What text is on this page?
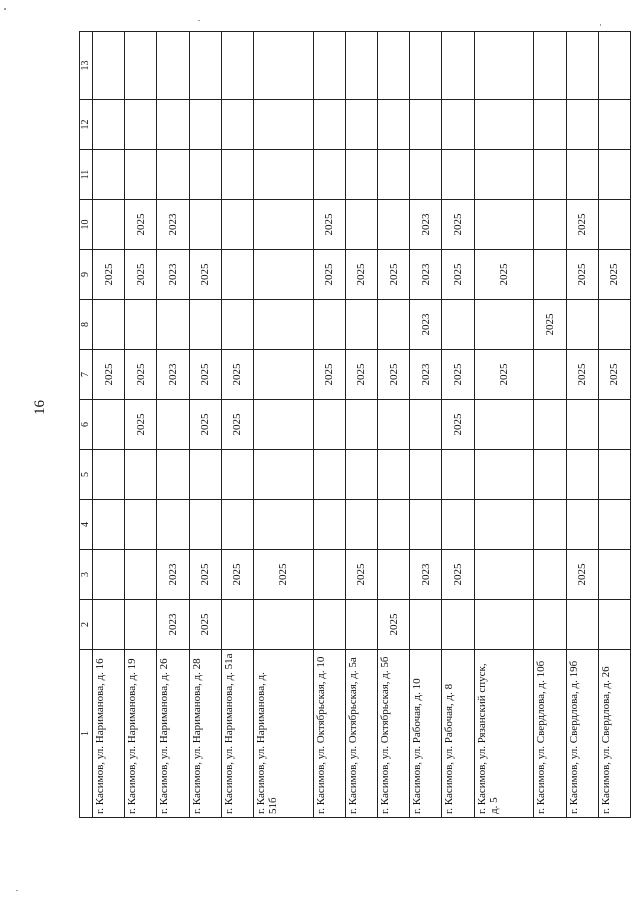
16
1	2	3	4	5	6	7	8	9	10	11	12	13
г. Касимов, ул. Нариманова, д. 16						2025		2025				
г. Касимов, ул. Нариманова, д. 19					2025	2025		2025	2025			
г. Касимов, ул. Нариманова, д. 26	2023	2023				2023		2023	2023			
г. Касимов, ул. Нариманова, д. 28	2025	2025			2025	2025		2025				
г. Касимов, ул. Нариманова, д. 51а		2025			2025	2025						
г. Касимов, ул. Нариманова, д. 51б		2025										
г. Касимов, ул. Октябрьская, д. 10						2025		2025	2025			
г. Касимов, ул. Октябрьская, д. 5а		2025				2025		2025				
г. Касимов, ул. Октябрьская, д. 5б	2025					2025		2025				
г. Касимов, ул. Рабочая, д. 10		2023				2023	2023	2023	2023			
г. Касимов, ул. Рабочая, д. 8		2025			2025	2025		2025	2025			
г. Касимов, ул. Рязанский спуск, д. 5						2025		2025				
г. Касимов, ул. Свердлова, д. 10б							2025					
г. Касимов, ул. Свердлова, д. 19б		2025				2025		2025	2025			
г. Касимов, ул. Свердлова, д. 26						2025		2025				
